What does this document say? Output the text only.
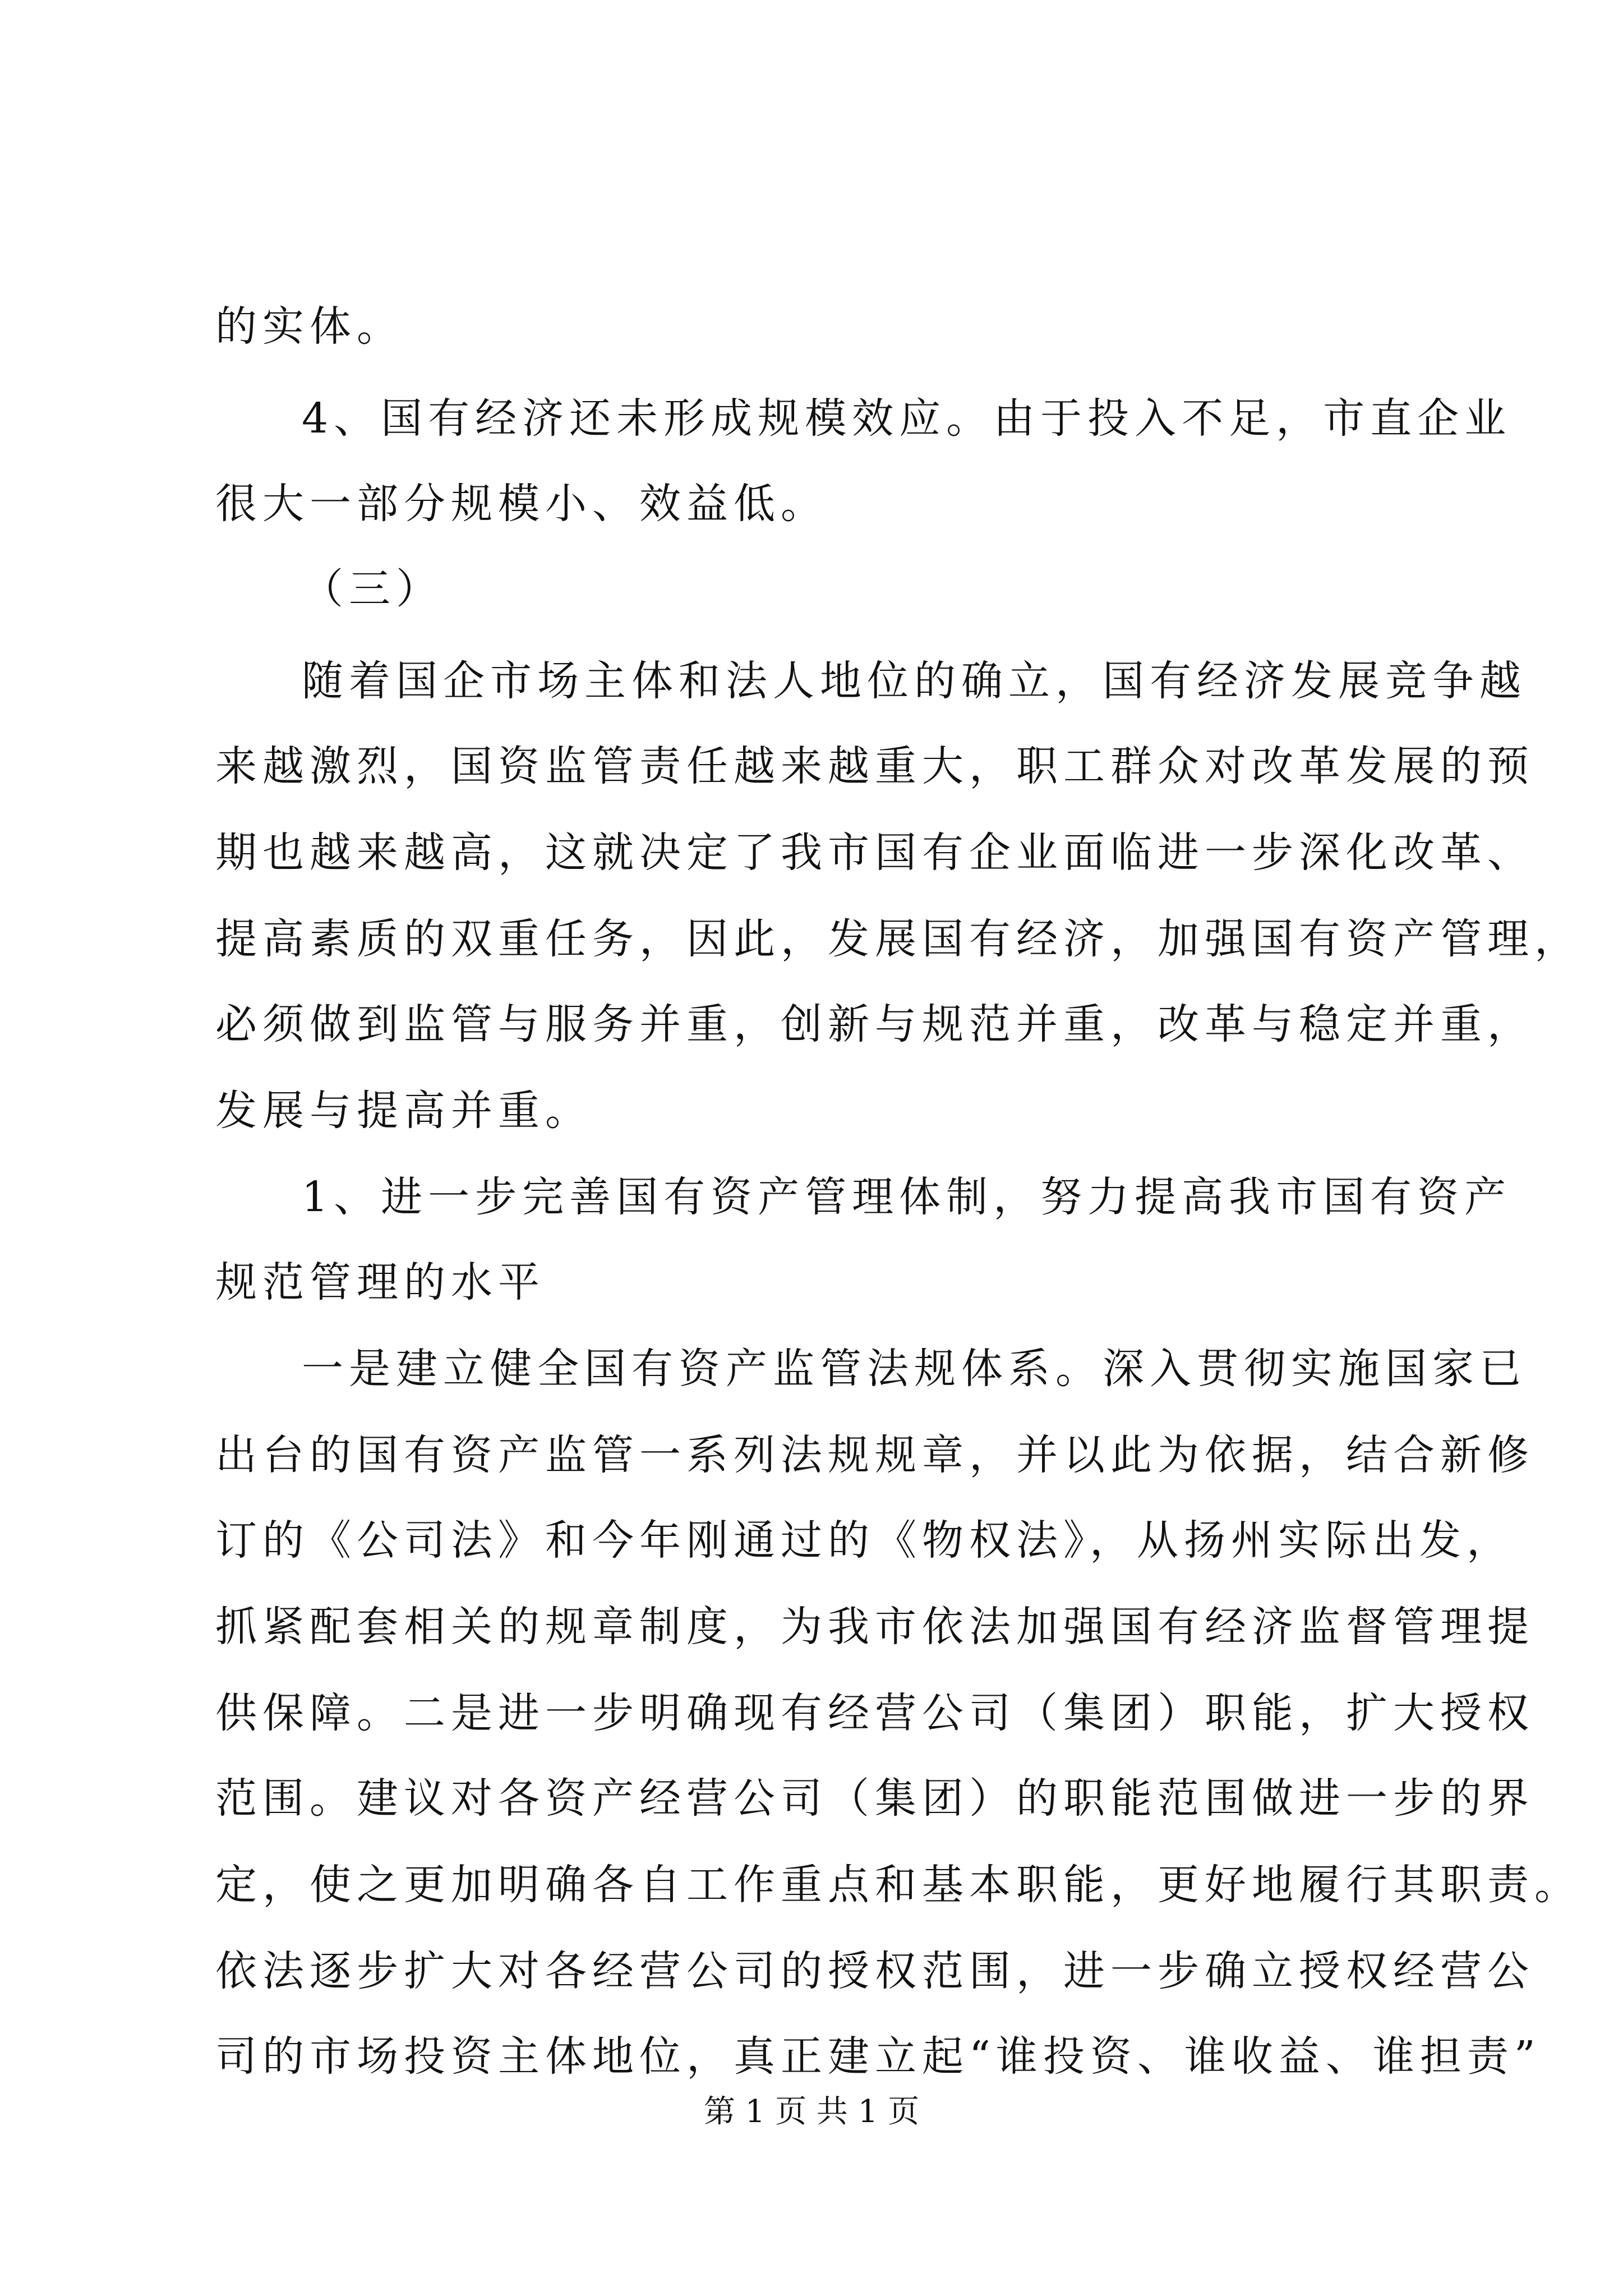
的实体。
4、国有经济还未形成规模效应。由于投入不足，市直企业
很大一部分规模小、效益低。
（三）
随着国企市场主体和法人地位的确立，国有经济发展竞争越
来越激烈，国资监管责任越来越重大，职工群众对改革发展的预
期也越来越高，这就决定了我市国有企业面临进一步深化改革、
提高素质的双重任务，因此，发展国有经济，加强国有资产管理，
必须做到监管与服务并重，创新与规范并重，改革与稳定并重，
发展与提高并重。
1、进一步完善国有资产管理体制，努力提高我市国有资产
规范管理的水平
一是建立健全国有资产监管法规体系。深入贯彻实施国家已
出台的国有资产监管一系列法规规章，并以此为依据，结合新修
订的《公司法》和今年刚通过的《物权法》，从扬州实际出发，
抓紧配套相关的规章制度，为我市依法加强国有经济监督管理提
供保障。二是进一步明确现有经营公司（集团）职能，扩大授权
范围。建议对各资产经营公司（集团）的职能范围做进一步的界
定，使之更加明确各自工作重点和基本职能，更好地履行其职责。
依法逐步扩大对各经营公司的授权范围，进一步确立授权经营公
司的市场投资主体地位，真正建立起“谁投资、谁收益、谁担责”
第 1 页 共 1 页
